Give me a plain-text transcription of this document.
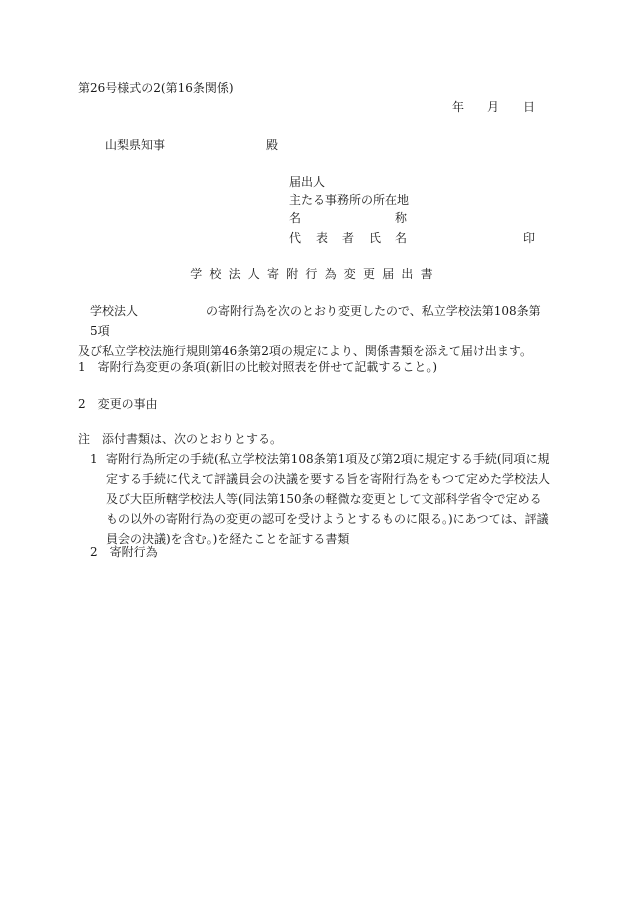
第26号様式の2(第16条関係)
年 月 日
山梨県知事	殿
届出人
主たる事務所の所在地
名	称
代 表 者 氏 名	印
学校法人寄附行為変更届出書
学校法人	の寄附行為を次のとおり変更したので、私立学校法第108条第5項
及び私立学校法施行規則第46条第2項の規定により、関係書類を添えて届け出ます。
1　寄附行為変更の条項(新旧の比較対照表を併せて記載すること。)
2　変更の事由
注　添付書類は、次のとおりとする。
1 寄附行為所定の手続(私立学校法第108条第1項及び第2項に規定する手続(同項に規定する手続に代えて評議員会の決議を要する旨を寄附行為をもつて定めた学校法人及び大臣所轄学校法人等(同法第150条の軽微な変更として文部科学省令で定めるもの以外の寄附行為の変更の認可を受けようとするものに限る。)にあつては、評議員会の決議)を含む。)を経たことを証する書類
2　寄附行為
